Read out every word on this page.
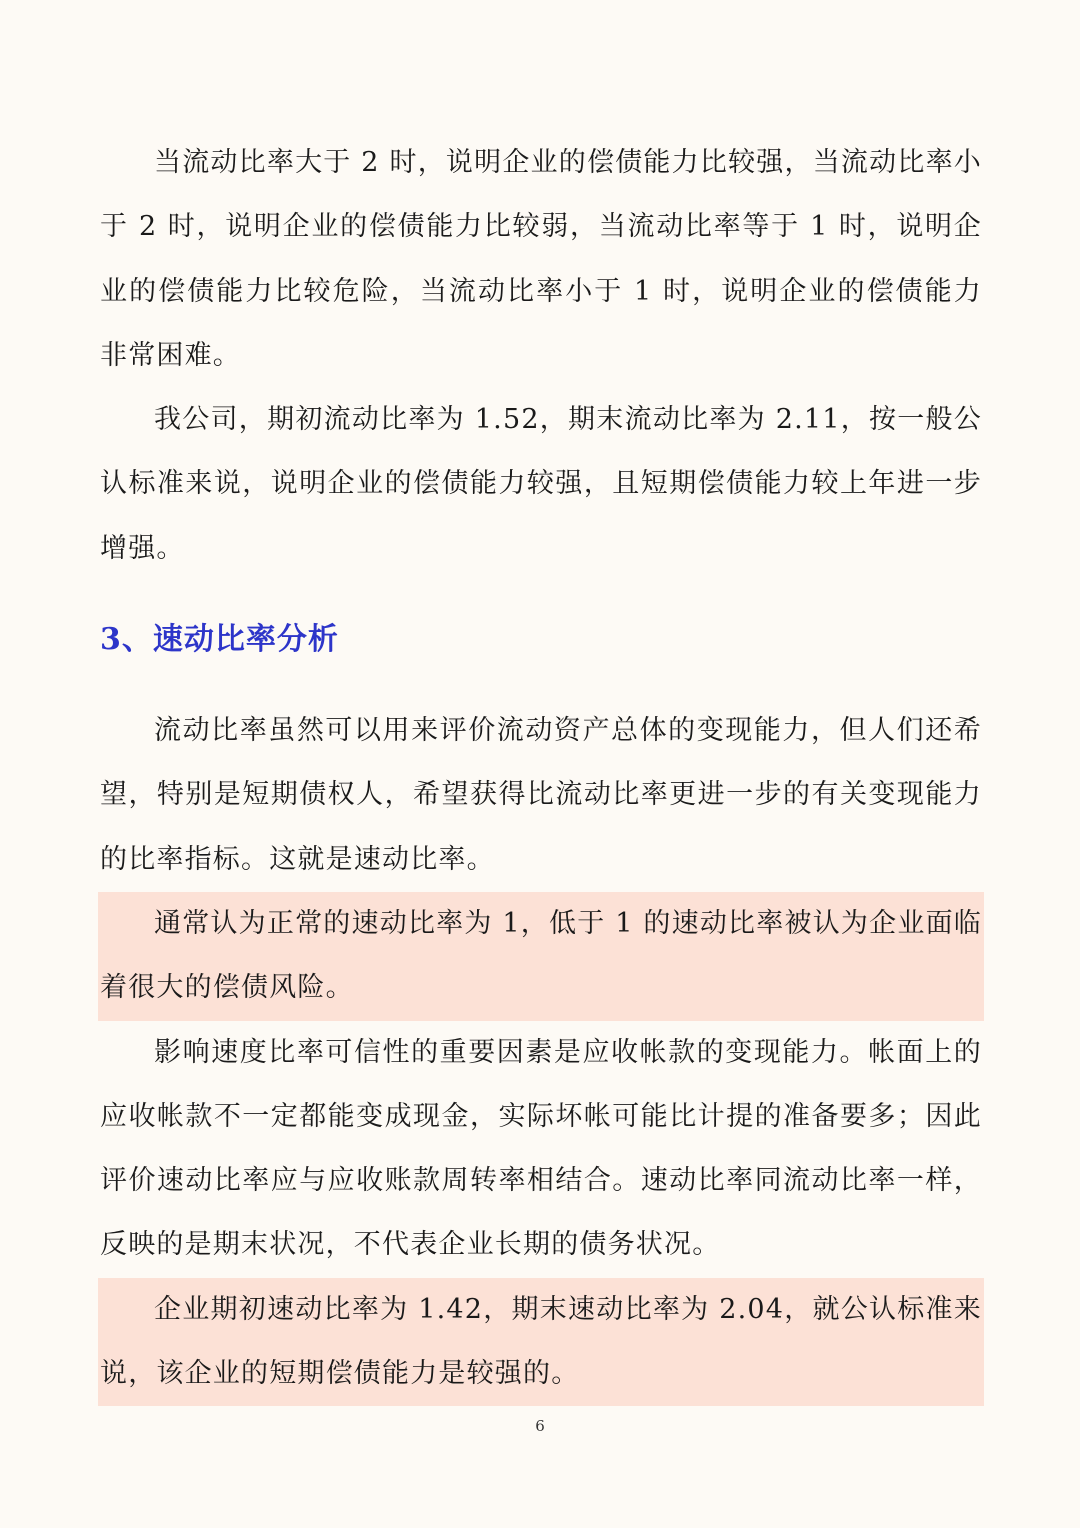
当流动比率大于 2 时，说明企业的偿债能力比较强，当流动比率小于 2 时，说明企业的偿债能力比较弱，当流动比率等于 1 时，说明企业的偿债能力比较危险，当流动比率小于 1 时，说明企业的偿债能力非常困难。

我公司，期初流动比率为 1.52，期末流动比率为 2.11，按一般公认标准来说，说明企业的偿债能力较强，且短期偿债能力较上年进一步增强。

3、速动比率分析

流动比率虽然可以用来评价流动资产总体的变现能力，但人们还希望，特别是短期债权人，希望获得比流动比率更进一步的有关变现能力的比率指标。这就是速动比率。

通常认为正常的速动比率为 1，低于 1 的速动比率被认为企业面临着很大的偿债风险。

影响速度比率可信性的重要因素是应收帐款的变现能力。帐面上的应收帐款不一定都能变成现金，实际坏帐可能比计提的准备要多；因此评价速动比率应与应收账款周转率相结合。速动比率同流动比率一样，反映的是期末状况，不代表企业长期的债务状况。

企业期初速动比率为 1.42，期末速动比率为 2.04，就公认标准来说，该企业的短期偿债能力是较强的。

6
